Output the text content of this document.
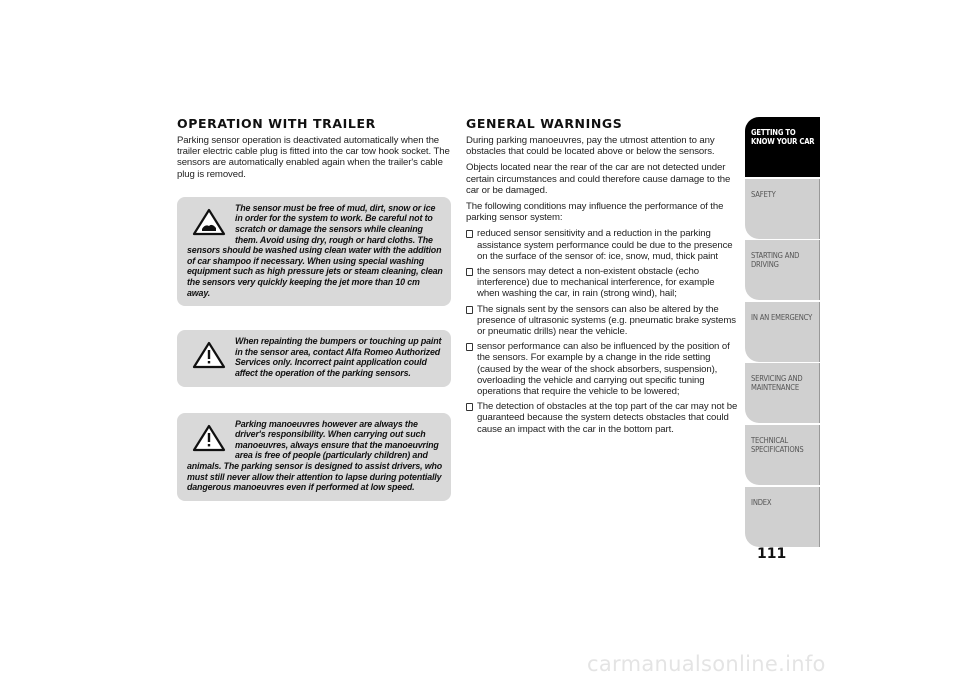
OPERATION WITH TRAILER

Parking sensor operation is deactivated automatically when the trailer electric cable plug is fitted into the car tow hook socket. The sensors are automatically enabled again when the trailer's cable plug is removed.

The sensor must be free of mud, dirt, snow or ice in order for the system to work. Be careful not to scratch or damage the sensors while cleaning them. Avoid using dry, rough or hard cloths. The sensors should be washed using clean water with the addition of car shampoo if necessary. When using special washing equipment such as high pressure jets or steam cleaning, clean the sensors very quickly keeping the jet more than 10 cm away.

When repainting the bumpers or touching up paint in the sensor area, contact Alfa Romeo Authorized Services only. Incorrect paint application could affect the operation of the parking sensors.

Parking manoeuvres however are always the driver's responsibility. When carrying out such manoeuvres, always ensure that the manoeuvring area is free of people (particularly children) and animals. The parking sensor is designed to assist drivers, who must still never allow their attention to lapse during potentially dangerous manoeuvres even if performed at low speed.

GENERAL WARNINGS

During parking manoeuvres, pay the utmost attention to any obstacles that could be located above or below the sensors.

Objects located near the rear of the car are not detected under certain circumstances and could therefore cause damage to the car or be damaged.

The following conditions may influence the performance of the parking sensor system:

reduced sensor sensitivity and a reduction in the parking assistance system performance could be due to the presence on the surface of the sensor of: ice, snow, mud, thick paint
the sensors may detect a non-existent obstacle (echo interference) due to mechanical interference, for example when washing the car, in rain (strong wind), hail;
The signals sent by the sensors can also be altered by the presence of ultrasonic systems (e.g. pneumatic brake systems or pneumatic drills) near the vehicle.
sensor performance can also be influenced by the position of the sensors. For example by a change in the ride setting (caused by the wear of the shock absorbers, suspension), overloading the vehicle and carrying out specific tuning operations that require the vehicle to be lowered;
The detection of obstacles at the top part of the car may not be guaranteed because the system detects obstacles that could cause an impact with the car in the bottom part.
GETTING TO KNOW YOUR CAR
SAFETY
STARTING AND DRIVING
IN AN EMERGENCY
SERVICING AND MAINTENANCE
TECHNICAL SPECIFICATIONS
INDEX
111
carmanualsonline.info
